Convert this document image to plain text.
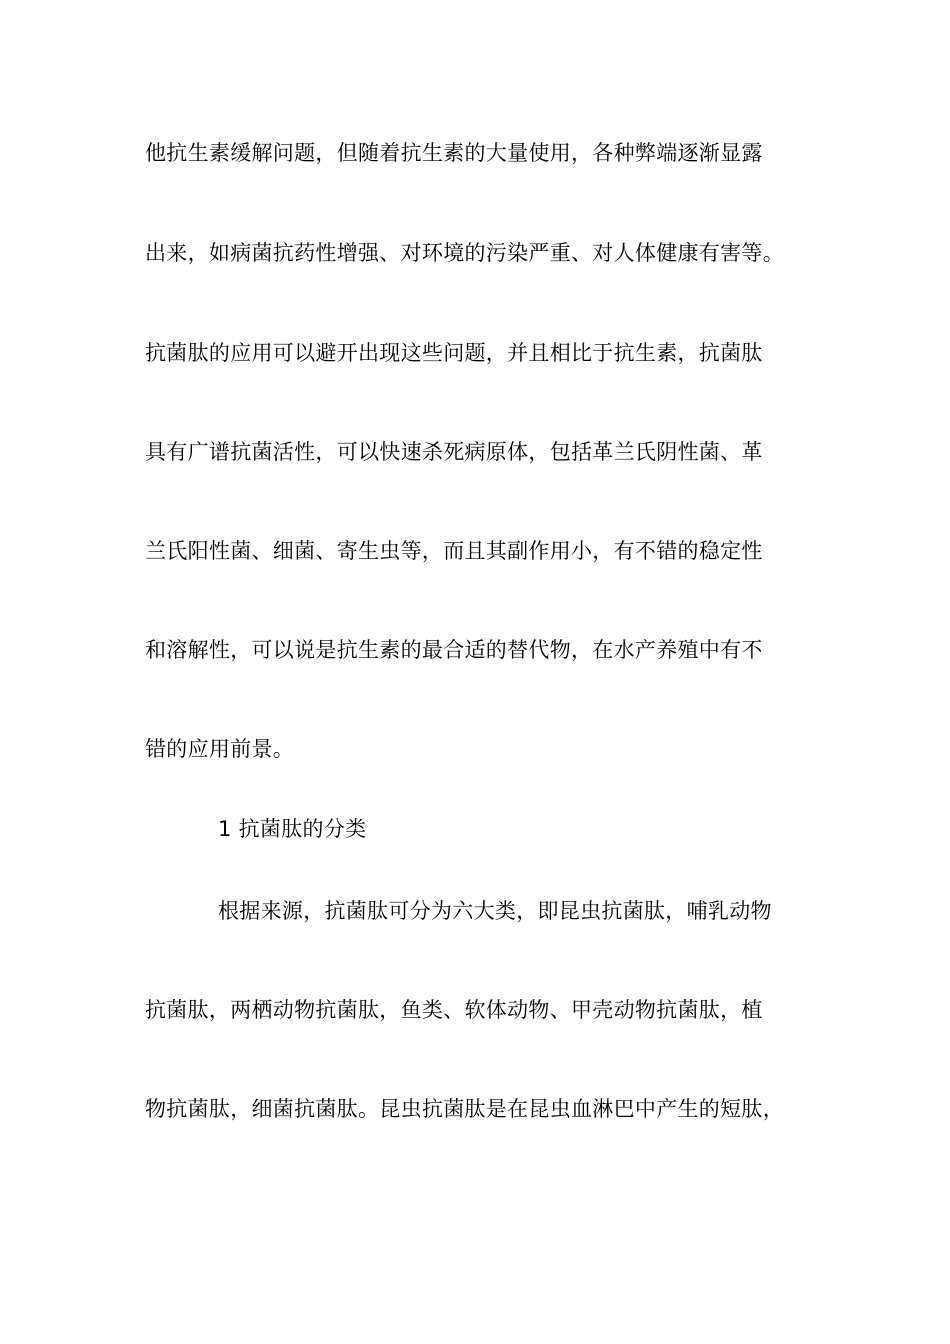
他抗生素缓解问题，但随着抗生素的大量使用，各种弊端逐渐显露
出来，如病菌抗药性增强、对环境的污染严重、对人体健康有害等。
抗菌肽的应用可以避开出现这些问题，并且相比于抗生素，抗菌肽
具有广谱抗菌活性，可以快速杀死病原体，包括革兰氏阴性菌、革
兰氏阳性菌、细菌、寄生虫等，而且其副作用小，有不错的稳定性
和溶解性，可以说是抗生素的最合适的替代物，在水产养殖中有不
错的应用前景。
1 抗菌肽的分类
根据来源，抗菌肽可分为六大类，即昆虫抗菌肽，哺乳动物
抗菌肽，两栖动物抗菌肽，鱼类、软体动物、甲壳动物抗菌肽，植
物抗菌肽，细菌抗菌肽。昆虫抗菌肽是在昆虫血淋巴中产生的短肽，
